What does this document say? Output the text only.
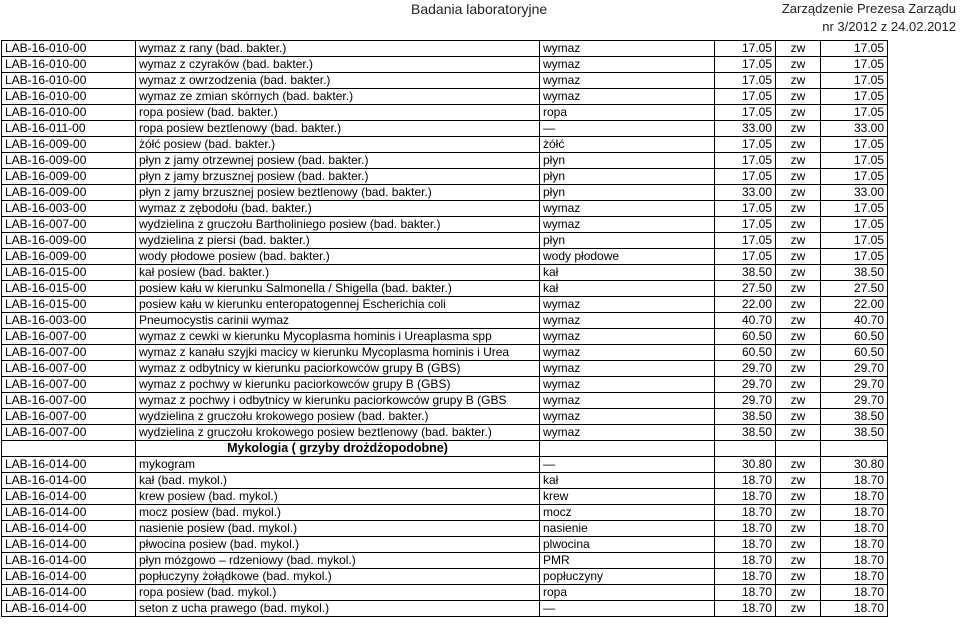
Badania laboratoryjne	Zarządzenie Prezesa Zarządu
nr 3/2012 z 24.02.2012
LAB-16-010-00	wymaz z rany (bad. bakter.)	wymaz	17.05	zw	17.05
LAB-16-010-00	wymaz z czyraków (bad. bakter.)	wymaz	17.05	zw	17.05
LAB-16-010-00	wymaz z owrzodzenia (bad. bakter.)	wymaz	17.05	zw	17.05
LAB-16-010-00	wymaz ze zmian skórnych (bad. bakter.)	wymaz	17.05	zw	17.05
LAB-16-010-00	ropa posiew (bad. bakter.)	ropa	17.05	zw	17.05
LAB-16-011-00	ropa posiew beztlenowy (bad. bakter.)	—	33.00	zw	33.00
LAB-16-009-00	żółć posiew (bad. bakter.)	żółć	17.05	zw	17.05
LAB-16-009-00	płyn z jamy otrzewnej posiew (bad. bakter.)	płyn	17.05	zw	17.05
LAB-16-009-00	płyn z jamy brzusznej posiew (bad. bakter.)	płyn	17.05	zw	17.05
LAB-16-009-00	płyn z jamy brzusznej posiew beztlenowy (bad. bakter.)	płyn	33.00	zw	33.00
LAB-16-003-00	wymaz z zębodołu (bad. bakter.)	wymaz	17.05	zw	17.05
LAB-16-007-00	wydzielina z gruczołu Bartholiniego posiew (bad. bakter.)	wymaz	17.05	zw	17.05
LAB-16-009-00	wydzielina z piersi (bad. bakter.)	płyn	17.05	zw	17.05
LAB-16-009-00	wody płodowe posiew (bad. bakter.)	wody płodowe	17.05	zw	17.05
LAB-16-015-00	kał posiew (bad. bakter.)	kał	38.50	zw	38.50
LAB-16-015-00	posiew kału w kierunku Salmonella / Shigella (bad. bakter.)	kał	27.50	zw	27.50
LAB-16-015-00	posiew kału w kierunku enteropatogennej Escherichia coli	wymaz	22.00	zw	22.00
LAB-16-003-00	Pneumocystis carinii wymaz	wymaz	40.70	zw	40.70
LAB-16-007-00	wymaz z cewki w kierunku Mycoplasma hominis i Ureaplasma spp	wymaz	60.50	zw	60.50
LAB-16-007-00	wymaz z kanału szyjki macicy w kierunku Mycoplasma hominis i Urea	wymaz	60.50	zw	60.50
LAB-16-007-00	wymaz z odbytnicy w kierunku paciorkowców grupy B (GBS)	wymaz	29.70	zw	29.70
LAB-16-007-00	wymaz z pochwy w kierunku paciorkowców grupy B (GBS)	wymaz	29.70	zw	29.70
LAB-16-007-00	wymaz z pochwy i odbytnicy w kierunku paciorkowców grupy B (GBS	wymaz	29.70	zw	29.70
LAB-16-007-00	wydzielina z gruczołu krokowego posiew (bad. bakter.)	wymaz	38.50	zw	38.50
LAB-16-007-00	wydzielina z gruczołu krokowego posiew beztlenowy (bad. bakter.)	wymaz	38.50	zw	38.50
	Mykologia ( grzyby drożdżopodobne)				
LAB-16-014-00	mykogram	—	30.80	zw	30.80
LAB-16-014-00	kał (bad. mykol.)	kał	18.70	zw	18.70
LAB-16-014-00	krew posiew (bad. mykol.)	krew	18.70	zw	18.70
LAB-16-014-00	mocz posiew (bad. mykol.)	mocz	18.70	zw	18.70
LAB-16-014-00	nasienie posiew (bad. mykol.)	nasienie	18.70	zw	18.70
LAB-16-014-00	płwocina posiew (bad. mykol.)	plwocina	18.70	zw	18.70
LAB-16-014-00	płyn mózgowo – rdzeniowy (bad. mykol.)	PMR	18.70	zw	18.70
LAB-16-014-00	popłuczyny żołądkowe (bad. mykol.)	popłuczyny	18.70	zw	18.70
LAB-16-014-00	ropa posiew (bad. mykol.)	ropa	18.70	zw	18.70
LAB-16-014-00	seton z ucha prawego (bad. mykol.)	—	18.70	zw	18.70
